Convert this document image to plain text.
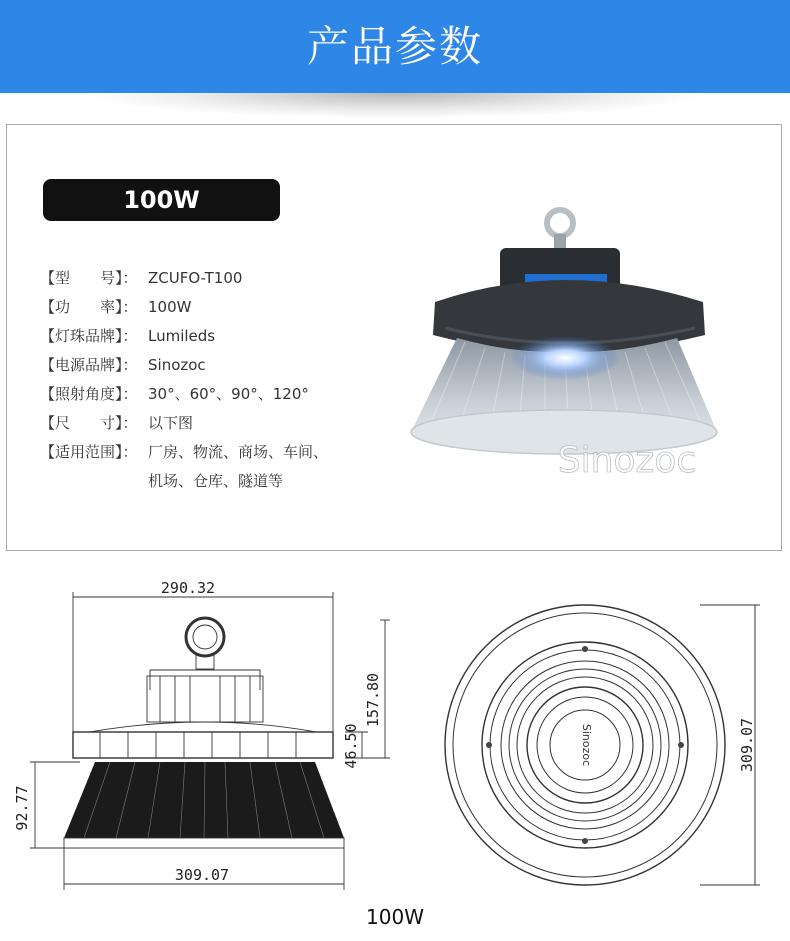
产品参数
100W
【型　　号】： ZCUFO-T100
【功　　率】： 100W
【灯珠品牌】： Lumileds
【电源品牌】： Sinozoc
【照射角度】： 30°、60°、90°、120°
【尺　　寸】： 以下图
【适用范围】： 厂房、物流、商场、车间、
机场、仓库、隧道等	Sinozoc
290.32
157.80
46.50
92.77
309.07
Sinozoc	309.07
100W
